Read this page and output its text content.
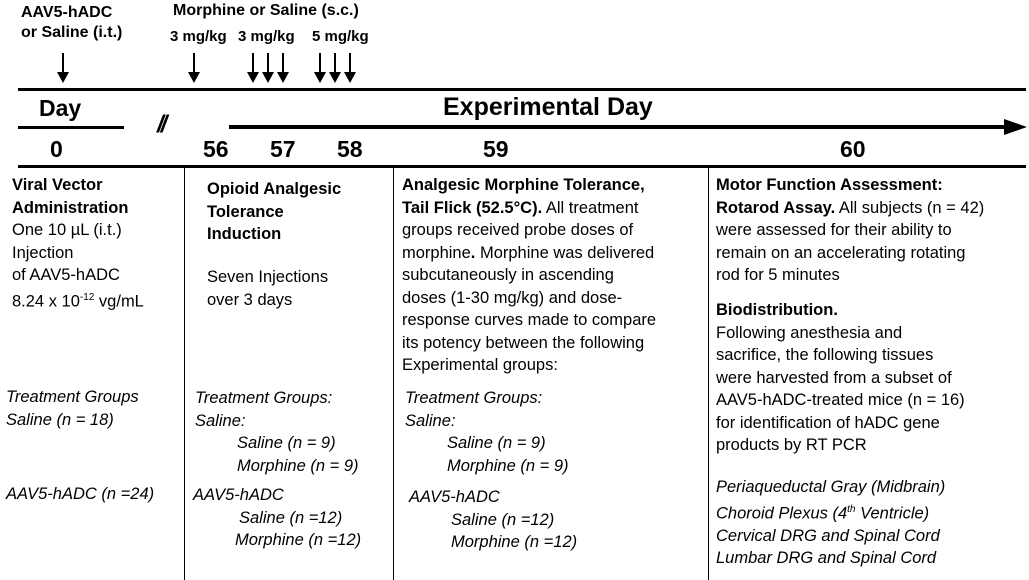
AAV5-hADC
or Saline (i.t.)
Morphine or Saline (s.c.)
3 mg/kg 3 mg/kg 5 mg/kg
Day
//
Experimental Day
0	56 57 58	59	60
Viral Vector
Administration
One 10 µL (i.t.)
Injection
of AAV5-hADC
8.24 x $10^{-12}$ vg/mL
Treatment Groups
Saline (n = 18)
AAV5-hADC (n =24)
Opioid Analgesic
Tolerance
Induction
Seven Injections
over 3 days
Treatment Groups:
Saline:
Saline (n = 9)
Morphine (n = 9)
AAV5-hADC
Saline (n =12)
Morphine (n =12)
Analgesic Morphine Tolerance,
Tail Flick (52.5°C). All treatment
groups received probe doses of
morphine. Morphine was delivered
subcutaneously in ascending
doses (1-30 mg/kg) and dose-
response curves made to compare
its potency between the following
Experimental groups:
Treatment Groups:
Saline:
Saline (n = 9)
Morphine (n = 9)
AAV5-hADC
Saline (n =12)
Morphine (n =12)
Motor Function Assessment:
Rotarod Assay. All subjects (n = 42)
were assessed for their ability to
remain on an accelerating rotating
rod for 5 minutes
Biodistribution.
Following anesthesia and
sacrifice, the following tissues
were harvested from a subset of
AAV5-hADC-treated mice (n = 16)
for identification of hADC gene
products by RT PCR
Periaqueductal Gray (Midbrain)
Choroid Plexus (4th Ventricle)
Cervical DRG and Spinal Cord
Lumbar DRG and Spinal Cord
